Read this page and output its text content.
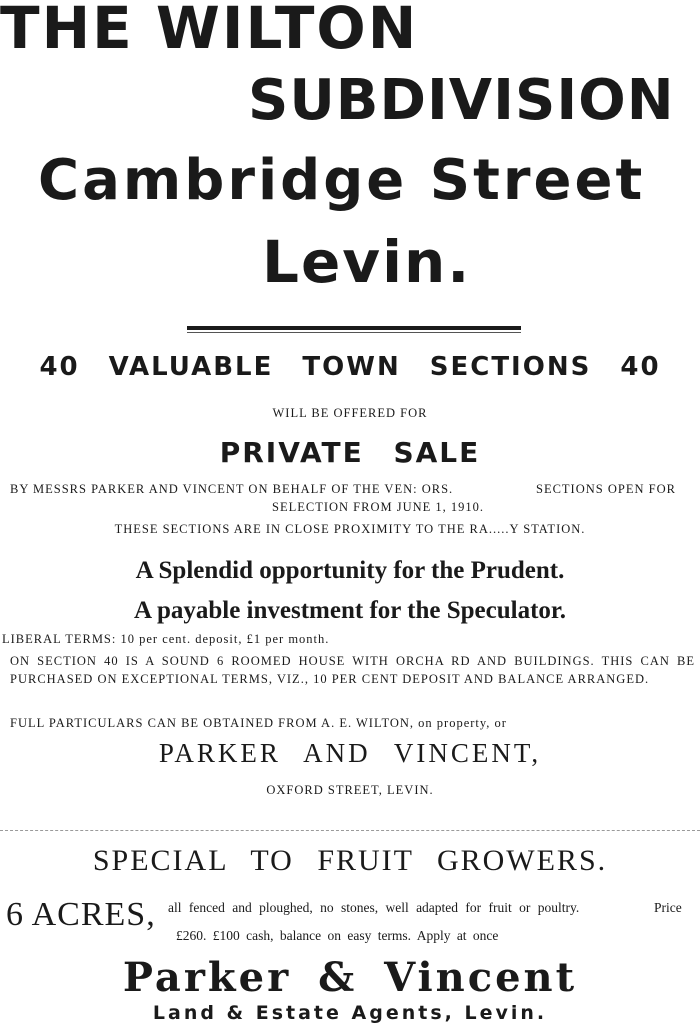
THE WILTON
SUBDIVISION
Cambridge Street
Levin.
40 VALUABLE TOWN SECTIONS 40
WILL BE OFFERED FOR
PRIVATE SALE
BY MESSRS PARKER AND VINCENT ON BEHALF OF THE VEN: ORS.	SECTIONS OPEN FOR
SELECTION FROM JUNE 1, 1910.
THESE SECTIONS ARE IN CLOSE PROXIMITY TO THE RA.....Y STATION.
A Splendid opportunity for the Prudent.
A payable investment for the Speculator.
LIBERAL TERMS: 10 per cent. deposit, £1 per month.
ON SECTION 40 IS A SOUND 6 ROOMED HOUSE WITH ORCHA RD AND BUILDINGS. THIS CAN BE PURCHASED ON EXCEPTIONAL TERMS, VIZ., 10 PER CENT DEPOSIT AND BALANCE ARRANGED.
FULL PARTICULARS CAN BE OBTAINED FROM A. E. WILTON, on property, or
PARKER AND VINCENT,
OXFORD STREET, LEVIN.
SPECIAL TO FRUIT GROWERS.
6 ACRES, all fenced and ploughed, no stones, well adapted for fruit or poultry.	Price
£260. £100 cash, balance on easy terms. Apply at once
Parker & Vincent
Land & Estate Agents, Levin.
